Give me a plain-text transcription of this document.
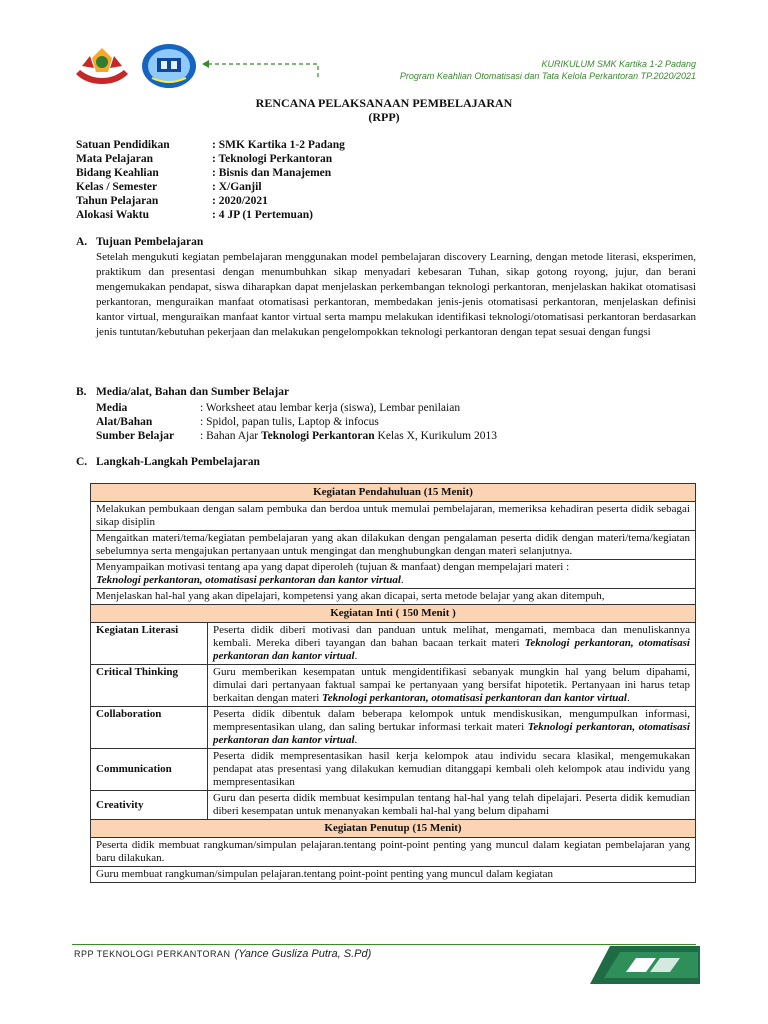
KURIKULUM SMK Kartika 1-2 Padang
Program Keahlian Otomatisasi dan Tata Kelola Perkantoran TP.2020/2021
RENCANA PELAKSANAAN PEMBELAJARAN
(RPP)
Satuan Pendidikan	: SMK Kartika 1-2 Padang
Mata Pelajaran	: Teknologi Perkantoran
Bidang Keahlian	: Bisnis dan Manajemen
Kelas / Semester	: X/Ganjil
Tahun Pelajaran	: 2020/2021
Alokasi Waktu	: 4 JP (1 Pertemuan)
A. Tujuan Pembelajaran
Setelah mengukuti kegiatan pembelajaran menggunakan model pembelajaran discovery Learning, dengan metode literasi, eksperimen, praktikum dan presentasi dengan menumbuhkan sikap menyadari kebesaran Tuhan, sikap gotong royong, jujur, dan berani mengemukakan pendapat, siswa diharapkan dapat menjelaskan perkembangan teknologi perkantoran, menjelaskan hakikat otomatisasi perkantoran, menguraikan manfaat otomatisasi perkantoran, membedakan jenis-jenis otomatisasi perkantoran, menjelaskan definisi kantor virtual, menguraikan manfaat kantor virtual serta mampu melakukan identifikasi teknologi/otomatisasi perkantoran berdasarkan jenis tuntutan/kebutuhan pekerjaan dan melakukan pengelompokkan teknologi perkantoran dengan tepat sesuai dengan fungsi
B. Media/alat, Bahan dan Sumber Belajar
Media	: Worksheet atau lembar kerja (siswa), Lembar penilaian
Alat/Bahan	: Spidol, papan tulis, Laptop & infocus
Sumber Belajar	: Bahan Ajar Teknologi Perkantoran Kelas X, Kurikulum 2013
C. Langkah-Langkah Pembelajaran
Kegiatan Pendahuluan (15 Menit)	
Melakukan pembukaan dengan salam pembuka dan berdoa untuk memulai pembelajaran, memeriksa kehadiran peserta didik sebagai sikap disiplin	
Mengaitkan materi/tema/kegiatan pembelajaran yang akan dilakukan dengan pengalaman peserta didik dengan materi/tema/kegiatan sebelumnya serta mengajukan pertanyaan untuk mengingat dan menghubungkan dengan materi selanjutnya.	
Menyampaikan motivasi tentang apa yang dapat diperoleh (tujuan & manfaat) dengan mempelajari materi :
Teknologi perkantoran, otomatisasi perkantoran dan kantor virtual.	
Menjelaskan hal-hal yang akan dipelajari, kompetensi yang akan dicapai, serta metode belajar yang akan ditempuh,	
Kegiatan Inti ( 150 Menit )	
Kegiatan Literasi	Peserta didik diberi motivasi dan panduan untuk melihat, mengamati, membaca dan menuliskannya kembali. Mereka diberi tayangan dan bahan bacaan terkait materi Teknologi perkantoran, otomatisasi perkantoran dan kantor virtual.
Critical Thinking	Guru memberikan kesempatan untuk mengidentifikasi sebanyak mungkin hal yang belum dipahami, dimulai dari pertanyaan faktual sampai ke pertanyaan yang bersifat hipotetik. Pertanyaan ini harus tetap berkaitan dengan materi Teknologi perkantoran, otomatisasi perkantoran dan kantor virtual.
Collaboration	Peserta didik dibentuk dalam beberapa kelompok untuk mendiskusikan, mengumpulkan informasi, mempresentasikan ulang, dan saling bertukar informasi terkait materi Teknologi perkantoran, otomatisasi perkantoran dan kantor virtual.
Communication	Peserta didik mempresentasikan hasil kerja kelompok atau individu secara klasikal, mengemukakan pendapat atas presentasi yang dilakukan kemudian ditanggapi kembali oleh kelompok atau individu yang mempresentasikan
Creativity	Guru dan peserta didik membuat kesimpulan tentang hal-hal yang telah dipelajari. Peserta didik kemudian diberi kesempatan untuk menanyakan kembali hal-hal yang belum dipahami
Kegiatan Penutup (15 Menit)	
Peserta didik membuat rangkuman/simpulan pelajaran.tentang point-point penting yang muncul dalam kegiatan pembelajaran yang baru dilakukan.	
Guru membuat rangkuman/simpulan pelajaran.tentang point-point penting yang muncul dalam kegiatan	
RPP TEKNOLOGI PERKANTORAN (Yance Gusliza Putra, S.Pd)
